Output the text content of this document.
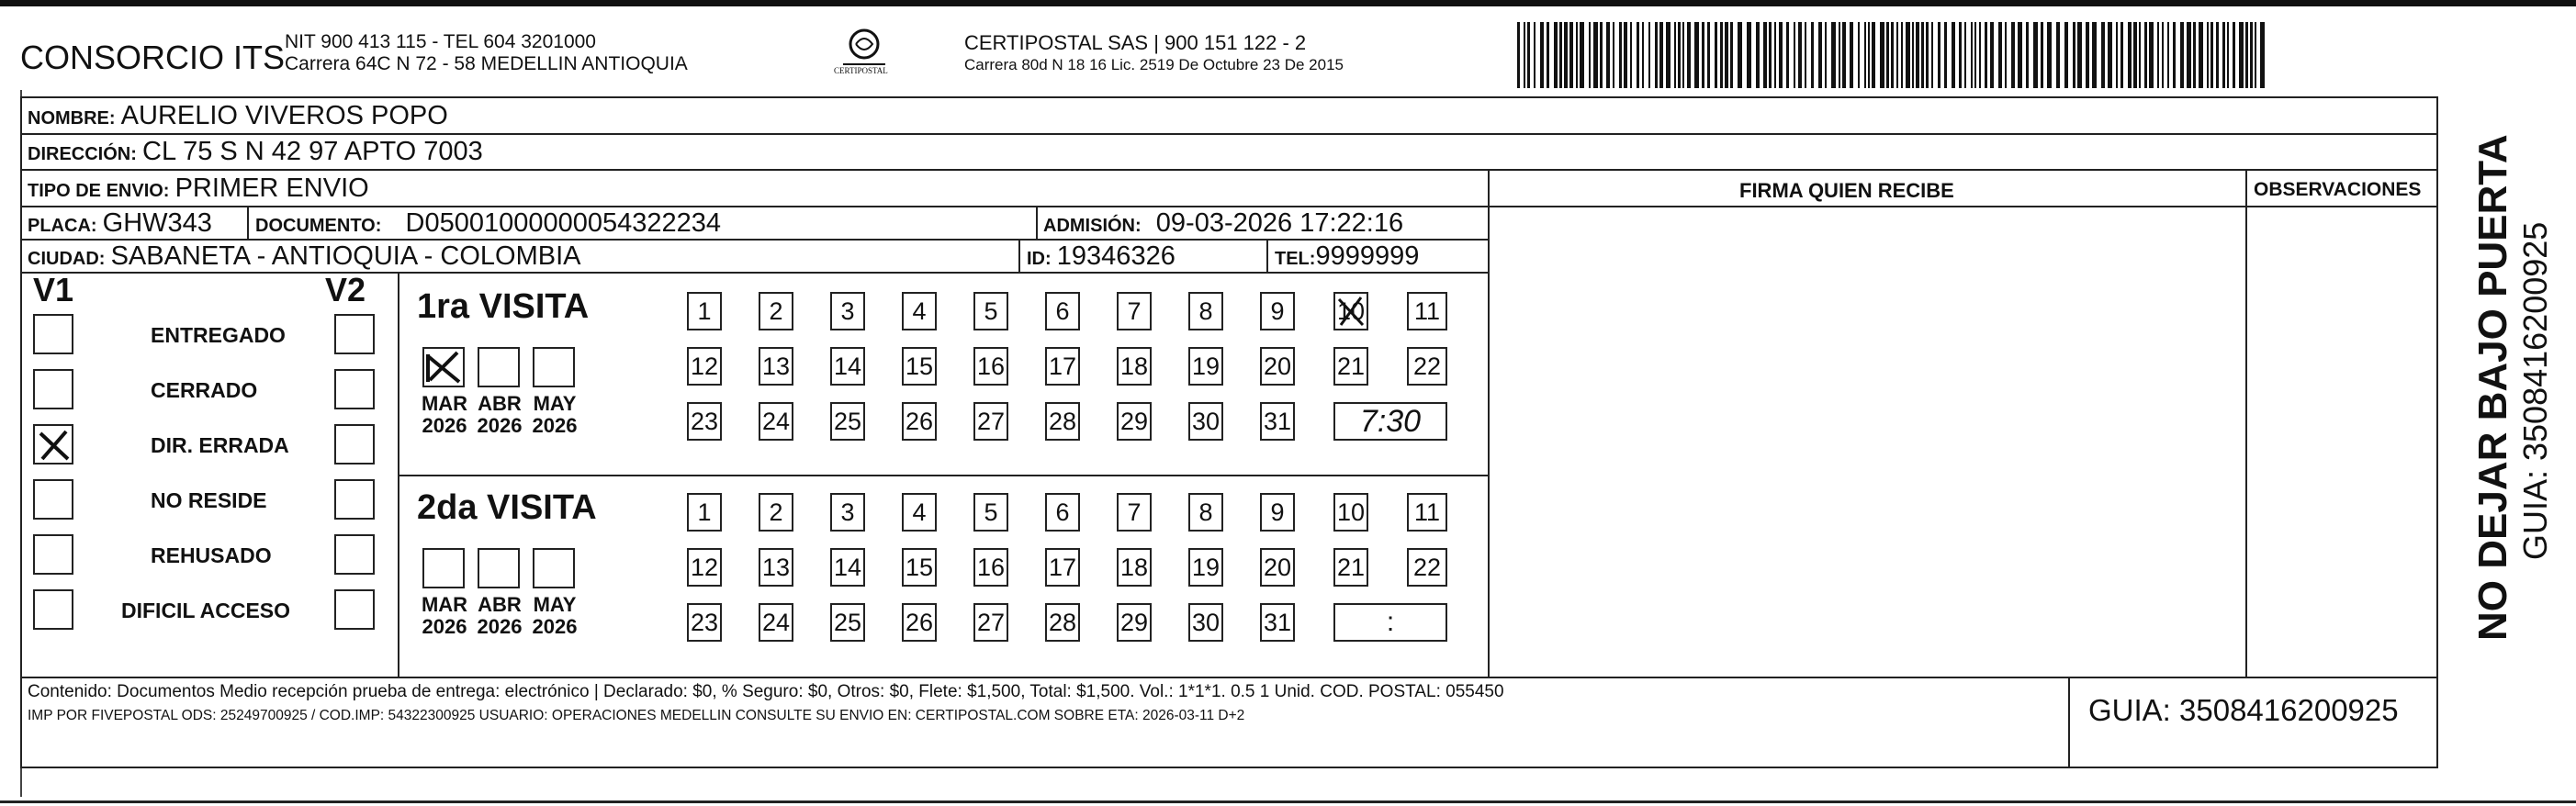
CONSORCIO ITS NIT 900 413 115 - TEL 604 3201000
Carrera 64C N 72 - 58 MEDELLIN ANTIOQUIA	CERTIPOSTAL
CERTIPOSTAL SAS | 900 151 122 - 2
Carrera 80d N 18 16 Lic. 2519 De Octubre 23 De 2015
NOMBRE: AURELIO VIVEROS POPO
DIRECCIÓN: CL 75 S N 42 97 APTO 7003
TIPO DE ENVIO: PRIMER ENVIO	FIRMA QUIEN RECIBE	OBSERVACIONES
PLACA: GHW343 DOCUMENTO: D05001000000054322234	ADMISIÓN: 09-03-2026 17:22:16
CIUDAD: SABANETA - ANTIOQUIA - COLOMBIA	ID: 19346326	TEL:9999999
V1	V2
ENTREGADO
CERRADO
DIR. ERRADA
NO RESIDE
REHUSADO
DIFICIL ACCESO
1ra VISITA
2da VISITA
1	2	3	4	5	6	7	8	9	10 11
12 13 14 15 16 17 18 19 20 21 22
23 24 25 26 27 28 29 30 31	7:30
MAR
2026
ABR
2026
MAY
2026
1	2	3	4	5	6	7	8	9	10 11
12 13 14 15 16 17 18 19 20 21 22
23 24 25 26 27 28 29 30 31	:
MAR
2026
ABR
2026
MAY
2026
Contenido: Documentos Medio recepción prueba de entrega: electrónico | Declarado: $0, % Seguro: $0, Otros: $0, Flete: $1,500, Total: $1,500. Vol.: 1*1*1. 0.5 1 Unid. COD. POSTAL: 055450
IMP POR FIVEPOSTAL ODS: 25249700925 / COD.IMP: 54322300925 USUARIO: OPERACIONES MEDELLIN CONSULTE SU ENVIO EN: CERTIPOSTAL.COM SOBRE ETA: 2026-03-11 D+2	GUIA: 3508416200925
NO DEJAR BAJO PUERTA GUIA: 3508416200925
